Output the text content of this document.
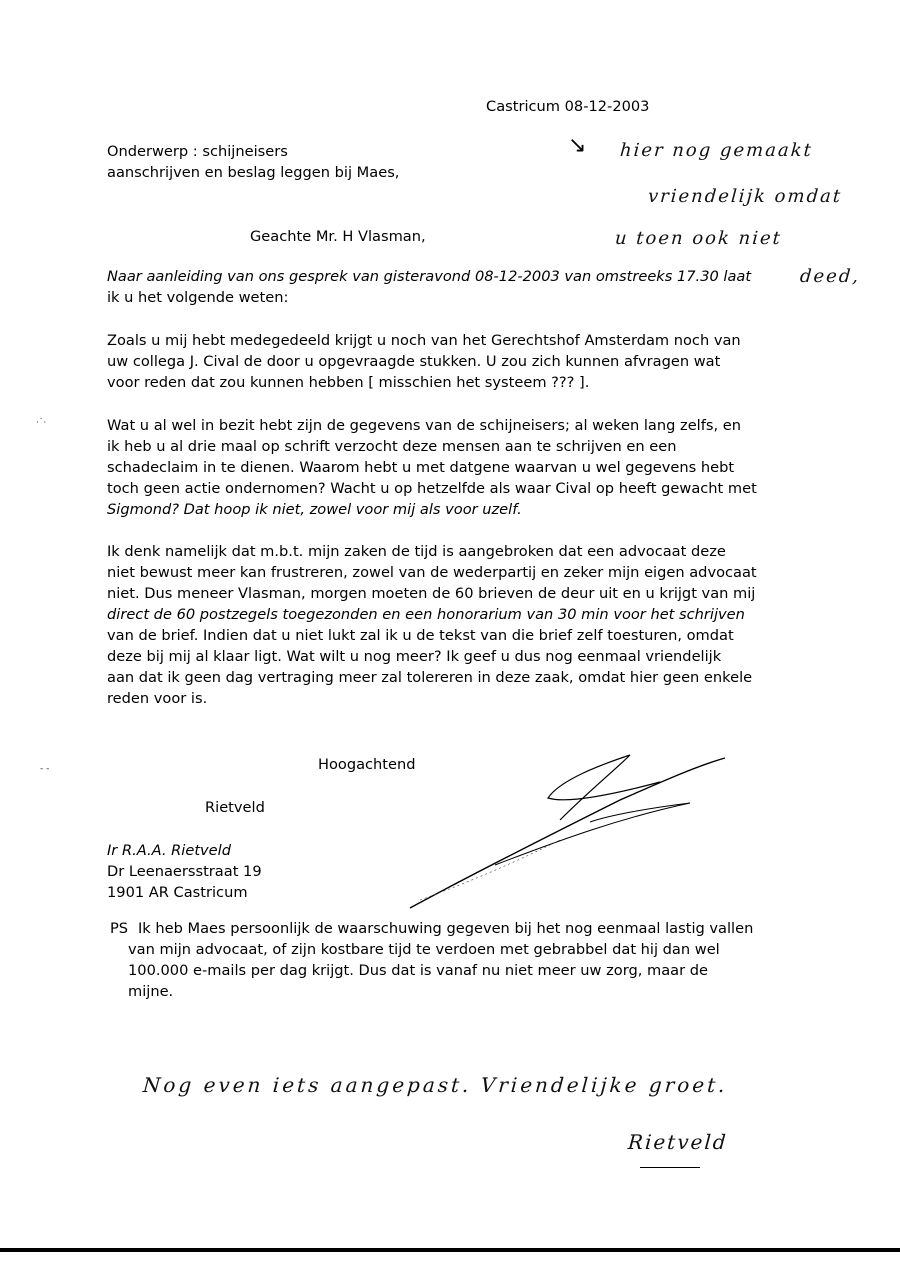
Castricum 08-12-2003
Onderwerp : schijneisers
aanschrijven en beslag leggen bij Maes,
Geachte Mr. H Vlasman,
↘ hier nog gemaakt
vriendelijk omdat
u toen ook niet
deed,
Naar aanleiding van ons gesprek van gisteravond 08-12-2003 van omstreeks 17.30 laat
ik u het volgende weten:
Zoals u mij hebt medegedeeld krijgt u noch van het Gerechtshof Amsterdam noch van
uw collega J. Cival de door u opgevraagde stukken. U zou zich kunnen afvragen wat
voor reden dat zou kunnen hebben [ misschien het systeem ??? ].
Wat u al wel in bezit hebt zijn de gegevens van de schijneisers; al weken lang zelfs, en
ik heb u al drie maal op schrift verzocht deze mensen aan te schrijven en een
schadeclaim in te dienen. Waarom hebt u met datgene waarvan u wel gegevens hebt
toch geen actie ondernomen? Wacht u op hetzelfde als waar Cival op heeft gewacht met
Sigmond? Dat hoop ik niet, zowel voor mij als voor uzelf.
Ik denk namelijk dat m.b.t. mijn zaken de tijd is aangebroken dat een advocaat deze
niet bewust meer kan frustreren, zowel van de wederpartij en zeker mijn eigen advocaat
niet. Dus meneer Vlasman, morgen moeten de 60 brieven de deur uit en u krijgt van mij
direct de 60 postzegels toegezonden en een honorarium van 30 min voor het schrijven
van de brief. Indien dat u niet lukt zal ik u de tekst van die brief zelf toesturen, omdat
deze bij mij al klaar ligt. Wat wilt u nog meer? Ik geef u dus nog eenmaal vriendelijk
aan dat ik geen dag vertraging meer zal tolereren in deze zaak, omdat hier geen enkele
reden voor is.
Hoogachtend
Rietveld
Ir R.A.A. Rietveld
Dr Leenaersstraat 19
1901 AR Castricum
PS Ik heb Maes persoonlijk de waarschuwing gegeven bij het nog eenmaal lastig vallen
van mijn advocaat, of zijn kostbare tijd te verdoen met gebrabbel dat hij dan wel
100.000 e-mails per dag krijgt. Dus dat is vanaf nu niet meer uw zorg, maar de
mijne.
Nog even iets aangepast. Vriendelijke groet.
Rietveld
·˙·
- -
